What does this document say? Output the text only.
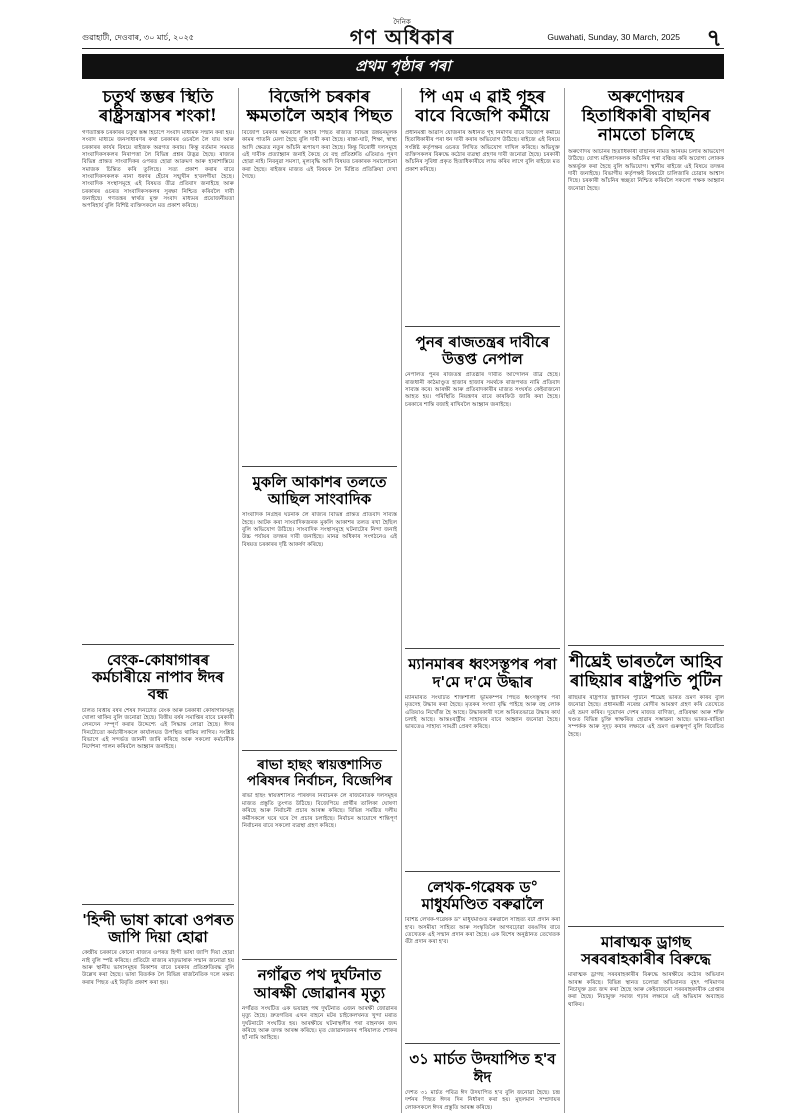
গুৱাহাটী, দেওবাৰ, ৩০ মাৰ্চ, ২০২৫
দৈনিক
গণ অধিকাৰ	Guwahati, Sunday, 30 March, 2025 ৭
প্ৰথম পৃষ্ঠাৰ পৰা
চতুৰ্থ স্তম্ভৰ স্থিতি ৰাষ্ট্ৰসন্ত্ৰাসৰ শংকা!

গণতান্ত্ৰিক চৰকাৰৰ চতুৰ্থ স্তম্ভ হিচাপে সংবাদ মাধ্যমক সন্মান কৰা হয়। সংবাদ মাধ্যমে জনসাধাৰণৰ কথা চৰকাৰৰ ওচৰলৈ লৈ যায় আৰু চৰকাৰৰ কাৰ্যৰ বিষয়ে ৰাইজক অৱগত কৰায়। কিন্তু বৰ্তমান সময়ত সাংবাদিকসকলৰ নিৰাপত্তা লৈ বিভিন্ন প্ৰশ্নৰ উদ্ভৱ হৈছে। ৰাজ্যৰ বিভিন্ন প্ৰান্তত সাংবাদিকৰ ওপৰত হোৱা আক্ৰমণ আৰু হাৰাশাস্তিয়ে সমাজক চিন্তিত কৰি তুলিছে। সত্য প্ৰকাশ কৰাৰ বাবে সাংবাদিকসকলক নানা ধৰণৰ হেঁচাৰ সন্মুখীন হ'বলগীয়া হৈছে। সাংবাদিক সংস্থাসমূহে এই বিষয়ত তীব্ৰ প্ৰতিবাদ জনাইছে আৰু চৰকাৰৰ ওচৰত সাংবাদিকসকলৰ সুৰক্ষা নিশ্চিত কৰিবলৈ দাবী জনাইছে। গণতন্ত্ৰৰ স্বাৰ্থত মুক্ত সংবাদ মাধ্যমৰ প্ৰয়োজনীয়তা অপৰিহাৰ্য বুলি বিশিষ্ট ব্যক্তিসকলে মত প্ৰকাশ কৰিছে।

বেংক-কোষাগাৰৰ কৰ্মচাৰীয়ে নাপাব ঈদৰ বন্ধ

চলিত বিত্তীয় বৰ্ষৰ শেষৰ দিনটোত বেংক আৰু চৰকাৰী কোষাগাৰসমূহ খোলা থাকিব বুলি জনোৱা হৈছে। বিত্তীয় বৰ্ষৰ সমাপ্তিৰ বাবে চৰকাৰী লেনদেন সম্পূৰ্ণ কৰাৰ উদ্দেশ্যে এই সিদ্ধান্ত লোৱা হৈছে। ঈদৰ দিনটোতো কৰ্মচাৰীসকলে কাৰ্যালয়ত উপস্থিত থাকিব লাগিব। সংশ্লিষ্ট বিভাগে এই সন্দৰ্ভত জাননী জাৰি কৰিছে আৰু সকলো কৰ্মচাৰীক নিৰ্দেশনা পালন কৰিবলৈ আহ্বান জনাইছে।

'হিন্দী ভাষা কাৰো ওপৰত জাপি দিয়া হোৱা

কেন্দ্ৰীয় চৰকাৰে কোনো ৰাজ্যৰ ওপৰত হিন্দী ভাষা জাপি দিয়া হোৱা নাই বুলি স্পষ্ট কৰিছে। প্ৰতিটো ৰাজ্যৰ মাতৃভাষাক সন্মান জনোৱা হয় আৰু স্থানীয় ভাষাসমূহৰ বিকাশৰ বাবে চৰকাৰ প্ৰতিশ্ৰুতিবদ্ধ বুলি উল্লেখ কৰা হৈছে। ভাষা বিতৰ্কক লৈ বিভিন্ন ৰাজনৈতিক দলে মন্তব্য কৰাৰ পিছত এই বিবৃতি প্ৰকাশ কৰা হয়।

বিজেপি চৰকাৰ ক্ষমতালৈ অহাৰ পিছত

বিজেপি চৰকাৰ ক্ষমতালৈ অহাৰ পিছত ৰাজ্যত বিভিন্ন উন্নয়নমূলক কামৰ পাতনি মেলা হৈছে বুলি দাবী কৰা হৈছে। ৰাস্তা-ঘাট, শিক্ষা, স্বাস্থ্য আদি ক্ষেত্ৰত নতুন আঁচনি ৰূপায়ণ কৰা হৈছে। কিন্তু বিৰোধী দলসমূহে এই দাবীক প্ৰত্যাহ্বান জনাই কৈছে যে বহু প্ৰতিশ্ৰুতি এতিয়াও পূৰণ হোৱা নাই। নিবনুৱা সমস্যা, মূল্যবৃদ্ধি আদি বিষয়ত চৰকাৰক সমালোচনা কৰা হৈছে। ৰাইজৰ মাজত এই বিষয়ক লৈ মিশ্ৰিত প্ৰতিক্ৰিয়া দেখা গৈছে।

মুকলি আকাশৰ তলতে আছিল সাংবাদিক

সাংবাদিক নিগ্ৰহৰ ঘটনাক লৈ ৰাজ্যৰ বিভিন্ন প্ৰান্তত প্ৰতিবাদ সাব্যস্ত হৈছে। আটক কৰা সাংবাদিকজনক মুকলি আকাশৰ তলত ৰখা হৈছিল বুলি অভিযোগ উঠিছে। সাংবাদিক সংস্থাসমূহে ঘটনাটোৰ নিন্দা জনাই উচ্চ পৰ্যায়ৰ তদন্তৰ দাবী জনাইছে। মানৱ অধিকাৰ সংগঠনেও এই বিষয়ত চৰকাৰৰ দৃষ্টি আকৰ্ষণ কৰিছে।

ৰাভা হাছং স্বায়ত্তশাসিত পৰিষদৰ নিৰ্বাচন, বিজেপিৰ

ৰাভা হাছং স্বায়ত্তশাসিত পৰিষদৰ নিৰ্বাচনক লৈ ৰাজনৈতিক দলসমূহৰ মাজত প্ৰস্তুতি তুংগত উঠিছে। বিজেপিয়ে প্ৰাৰ্থীৰ তালিকা ঘোষণা কৰিছে আৰু নিৰ্বাচনী প্ৰচাৰ আৰম্ভ কৰিছে। বিভিন্ন সমষ্টিত দলীয় কৰ্মীসকলে ঘৰে ঘৰে গৈ প্ৰচাৰ চলাইছে। নিৰ্বাচন আয়োগে শান্তিপূৰ্ণ নিৰ্বাচনৰ বাবে সকলো ব্যৱস্থা গ্ৰহণ কৰিছে।

নগাঁৱত পথ দুৰ্ঘটনাত আৰক্ষী জোৱানৰ মৃত্যু

নগাঁৱত সংঘটিত এক ভয়াৱহ পথ দুৰ্ঘটনাত এজন আৰক্ষী জোৱানৰ মৃত্যু হৈছে। দ্ৰুতগতিৰ এখন বাহনে মটৰ চাইকেলখনত খুন্দা মৰাত দুৰ্ঘটনাটো সংঘটিত হয়। আৰক্ষীয়ে ঘটনাস্থলীৰ পৰা বাহনখন জব্দ কৰিছে আৰু তদন্ত আৰম্ভ কৰিছে। মৃত জোৱানজনৰ পৰিয়ালত শোকৰ ছাঁ নামি আহিছে।

পি এম এ ৱাই গৃহৰ বাবে বিজেপি কৰ্মীয়ে

প্ৰধানমন্ত্ৰী আৱাস যোজনাৰ অধীনত গৃহ নিৰ্মাণৰ বাবে বিজেপি কৰ্মীয়ে হিতাধিকাৰীৰ পৰা ধন দাবী কৰাৰ অভিযোগ উঠিছে। ৰাইজে এই বিষয়ে সংশ্লিষ্ট কৰ্তৃপক্ষৰ ওচৰত লিখিত অভিযোগ দাখিল কৰিছে। অভিযুক্ত ব্যক্তিসকলৰ বিৰুদ্ধে কঠোৰ ব্যৱস্থা গ্ৰহণৰ দাবী জনোৱা হৈছে। চৰকাৰী আঁচনিৰ সুবিধা প্ৰকৃত হিতাধিকাৰীয়ে লাভ কৰিব লাগে বুলি ৰাইজে মত প্ৰকাশ কৰিছে।

পুনৰ ৰাজতন্ত্ৰৰ দাবীৰে উত্তপ্ত নেপাল

নেপালত পুনৰ ৰাজতন্ত্ৰ প্ৰতিষ্ঠাৰ দাবীত আন্দোলন তীব্ৰ হৈছে। ৰাজধানী কাঠমাণ্ডুত হাজাৰ হাজাৰ সমৰ্থকে ৰাজপথত নামি প্ৰতিবাদ সাব্যস্ত কৰে। আৰক্ষী আৰু প্ৰতিবাদকাৰীৰ মাজত সংঘৰ্ষত কেইবাজনো আহত হয়। পৰিস্থিতি নিয়ন্ত্ৰণৰ বাবে কাৰফিউ জাৰি কৰা হৈছে। চৰকাৰে শান্তি বজাই ৰাখিবলৈ আহ্বান জনাইছে।

ম্যানমাৰৰ ধ্বংসস্তূপৰ পৰা দ'মে দ'মে উদ্ধাৰ

ম্যানমাৰত সংঘটিত শক্তিশালী ভূমিকম্পৰ পিছত ধ্বংসস্তূপৰ পৰা মৃতদেহ উদ্ধাৰ কৰা হৈছে। মৃতকৰ সংখ্যা বৃদ্ধি পাইছে আৰু বহু লোক এতিয়াও নিখোঁজ হৈ আছে। উদ্ধাৰকাৰী দলে অবিৰতভাৱে উদ্ধাৰ কাৰ্য চলাই আছে। আন্তঃৰাষ্ট্ৰীয় সাহায্যৰ বাবে আহ্বান জনোৱা হৈছে। ভাৰতেও সাহায্য সামগ্ৰী প্ৰেৰণ কৰিছে।

লেখক-গৱেষক ড° মাধুৰ্যমণ্ডিত বৰুৱালৈ

বিশিষ্ট লেখক-গৱেষক ড° মাধুৰ্যমণ্ডিত বৰুৱালৈ সাহিত্য বঁটা প্ৰদান কৰা হ'ব। অসমীয়া সাহিত্য আৰু সংস্কৃতিলৈ আগবঢ়োৱা বৰঙণিৰ বাবে তেখেতক এই সন্মান প্ৰদান কৰা হৈছে। এক বিশেষ অনুষ্ঠানত তেখেতক বঁটা প্ৰদান কৰা হ'ব।

৩১ মাৰ্চত উদযাপিত হ'ব ঈদ

দেশত ৩১ মাৰ্চত পবিত্ৰ ঈদ উদযাপিত হ'ব বুলি জনোৱা হৈছে। চন্দ্ৰ দৰ্শনৰ পিছত ঈদৰ দিন নিৰ্ধাৰণ কৰা হয়। মুছলমান সম্প্ৰদায়ৰ লোকসকলে ঈদৰ প্ৰস্তুতি আৰম্ভ কৰিছে।

অৰুণোদয়ৰ হিতাধিকাৰী বাছনিৰ নামতো চলিছে

অৰুণোদয় আঁচনিৰ হিতাধিকাৰী বাছনিৰ নামত অনিয়ম চলাৰ অভিযোগ উঠিছে। যোগ্য মহিলাসকলক আঁচনিৰ পৰা বঞ্চিত কৰি অযোগ্য লোকক অন্তৰ্ভুক্ত কৰা হৈছে বুলি অভিযোগ। স্থানীয় ৰাইজে এই বিষয়ে তদন্তৰ দাবী জনাইছে। বিভাগীয় কৰ্তৃপক্ষই বিষয়টো চালিজাৰি চোৱাৰ আশ্বাস দিছে। চৰকাৰী আঁচনিৰ স্বচ্ছতা নিশ্চিত কৰিবলৈ সকলো পক্ষক আহ্বান জনোৱা হৈছে।

শীঘ্ৰেই ভাৰতলৈ আহিব ৰাছিয়াৰ ৰাষ্ট্ৰপতি পুটিন

ৰাছিয়াৰ ৰাষ্ট্ৰপতি ভ্লাদিমিৰ পুটিনে শীঘ্ৰেই ভাৰত ভ্ৰমণ কৰিব বুলি জনোৱা হৈছে। প্ৰধানমন্ত্ৰী নৰেন্দ্ৰ মোদীৰ আমন্ত্ৰণ গ্ৰহণ কৰি তেখেতে এই ভ্ৰমণ কৰিব। দুয়োখন দেশৰ মাজত বাণিজ্য, প্ৰতিৰক্ষা আৰু শক্তি খণ্ডত বিভিন্ন চুক্তি স্বাক্ষৰিত হোৱাৰ সম্ভাৱনা আছে। ভাৰত-ৰাছিয়া সম্পৰ্কক আৰু সুদৃঢ় কৰাৰ লক্ষ্যৰে এই ভ্ৰমণ গুৰুত্বপূৰ্ণ বুলি বিবেচিত হৈছে।

মাৰাত্মক ড্ৰাগছ সৰবৰাহকাৰীৰ বিৰুদ্ধে

মাৰাত্মক ড্ৰাগছ সৰবৰাহকাৰীৰ বিৰুদ্ধে আৰক্ষীয়ে কঠোৰ অভিযান আৰম্ভ কৰিছে। বিভিন্ন স্থানত চলোৱা অভিযানত বৃহৎ পৰিমাণৰ নিচাযুক্ত দ্ৰব্য জব্দ কৰা হৈছে আৰু কেইবাজনো সৰবৰাহকাৰীক গ্ৰেপ্তাৰ কৰা হৈছে। নিচামুক্ত সমাজ গঢ়াৰ লক্ষ্যৰে এই অভিযান অব্যাহত থাকিব।
